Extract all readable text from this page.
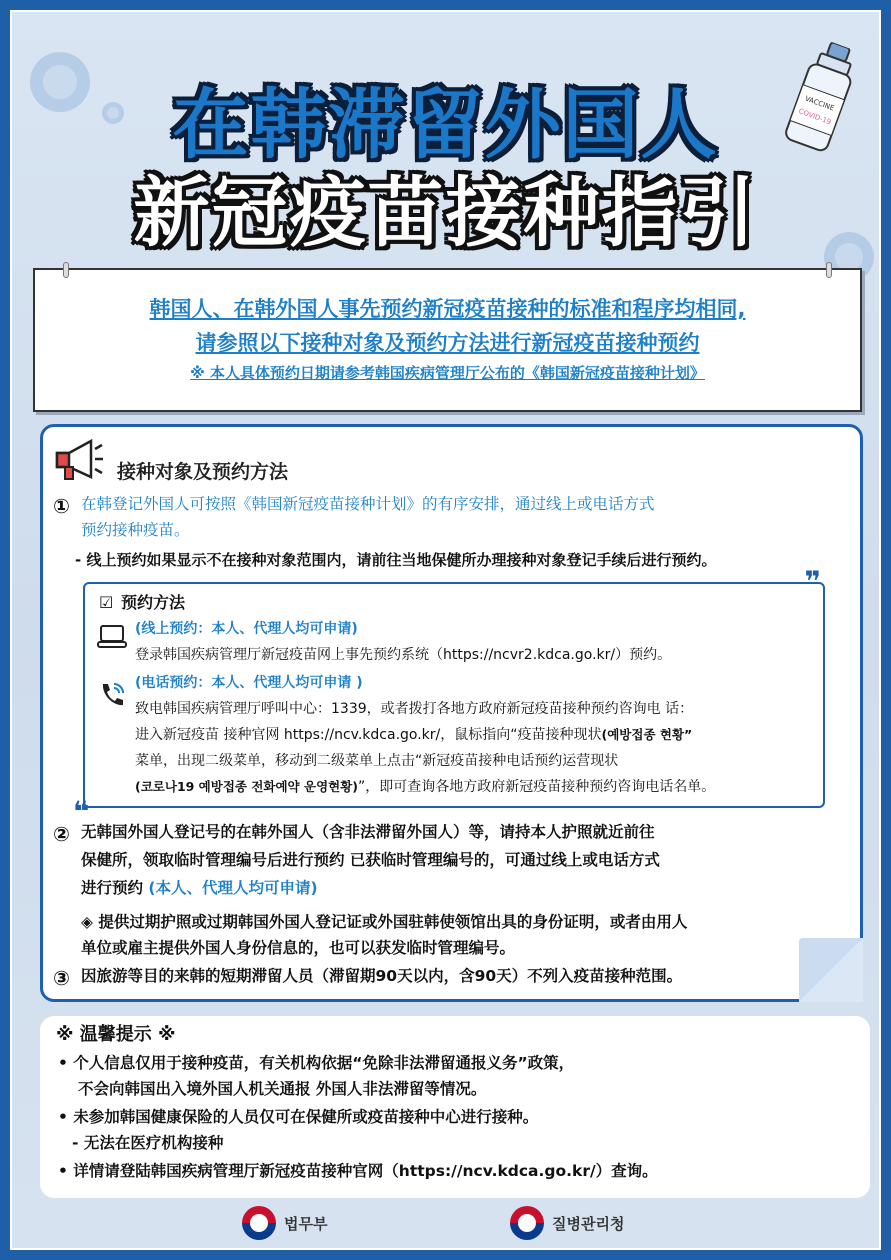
VACCINE
COVID-19
在韩滞留外国人
新冠疫苗接种指引
韩国人、在韩外国人事先预约新冠疫苗接种的标准和程序均相同,
请参照以下接种对象及预约方法进行新冠疫苗接种预约
※ 本人具体预约日期请参考韩国疾病管理厅公布的《韩国新冠疫苗接种计划》
接种对象及预约方法
① 在韩登记外国人可按照《韩国新冠疫苗接种计划》的有序安排，通过线上或电话方式
预约接种疫苗。
- 线上预约如果显示不在接种对象范围内，请前往当地保健所办理接种对象登记手续后进行预约。
❞
❝
☑ 预约方法
(线上预约：本人、代理人均可申请)
登录韩国疾病管理厅新冠疫苗网上事先预约系统（https://ncvr2.kdca.go.kr/）预约。
(电话预约：本人、代理人均可申请 )
致电韩国疾病管理厅呼叫中心：1339，或者拨打各地方政府新冠疫苗接种预约咨询电 话：
进入新冠疫苗 接种官网 https://ncv.kdca.go.kr/，鼠标指向“疫苗接种现状(예방접종 현황”
菜单，出现二级菜单，移动到二级菜单上点击“新冠疫苗接种电话预约运营现状
(코로나19 예방접종 전화예약 운영현황)”，即可查询各地方政府新冠疫苗接种预约咨询电话名单。
② 无韩国外国人登记号的在韩外国人（含非法滞留外国人）等，请持本人护照就近前往
保健所，领取临时管理编号后进行预约 已获临时管理编号的，可通过线上或电话方式
进行预约 (本人、代理人均可申请)
◈ 提供过期护照或过期韩国外国人登记证或外国驻韩使领馆出具的身份证明，或者由用人
单位或雇主提供外国人身份信息的，也可以获发临时管理编号。
③ 因旅游等目的来韩的短期滞留人员（滞留期90天以内，含90天）不列入疫苗接种范围。
※ 温馨提示 ※
• 个人信息仅用于接种疫苗，有关机构依据“免除非法滞留通报义务”政策，
不会向韩国出入境外国人机关通报 外国人非法滞留等情况。
• 未参加韩国健康保险的人员仅可在保健所或疫苗接种中心进行接种。
- 无法在医疗机构接种
• 详情请登陆韩国疾病管理厅新冠疫苗接种官网（https://ncv.kdca.go.kr/）查询。
법무부	질병관리청
